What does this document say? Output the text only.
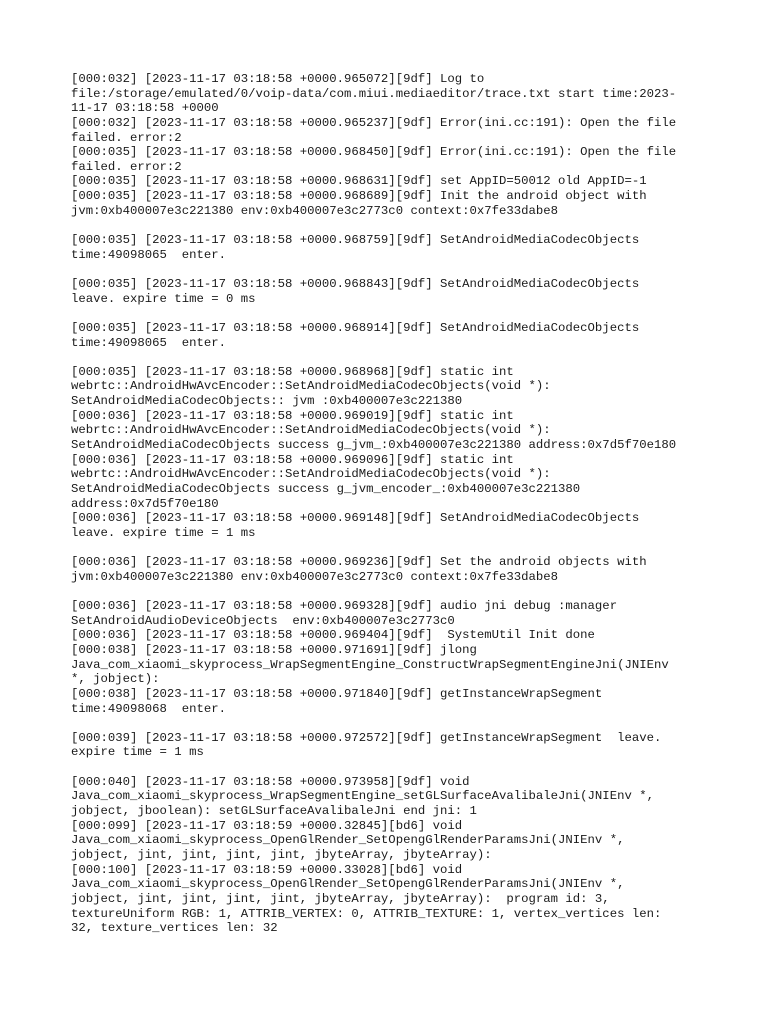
[000:032] [2023-11-17 03:18:58 +0000.965072][9df] Log to
file:/storage/emulated/0/voip-data/com.miui.mediaeditor/trace.txt start time:2023-
11-17 03:18:58 +0000
[000:032] [2023-11-17 03:18:58 +0000.965237][9df] Error(ini.cc:191): Open the file
failed. error:2
[000:035] [2023-11-17 03:18:58 +0000.968450][9df] Error(ini.cc:191): Open the file
failed. error:2
[000:035] [2023-11-17 03:18:58 +0000.968631][9df] set AppID=50012 old AppID=-1
[000:035] [2023-11-17 03:18:58 +0000.968689][9df] Init the android object with
jvm:0xb400007e3c221380 env:0xb400007e3c2773c0 context:0x7fe33dabe8
[000:035] [2023-11-17 03:18:58 +0000.968759][9df] SetAndroidMediaCodecObjects
time:49098065  enter.
[000:035] [2023-11-17 03:18:58 +0000.968843][9df] SetAndroidMediaCodecObjects
leave. expire time = 0 ms
[000:035] [2023-11-17 03:18:58 +0000.968914][9df] SetAndroidMediaCodecObjects
time:49098065  enter.
[000:035] [2023-11-17 03:18:58 +0000.968968][9df] static int
webrtc::AndroidHwAvcEncoder::SetAndroidMediaCodecObjects(void *):
SetAndroidMediaCodecObjects:: jvm :0xb400007e3c221380
[000:036] [2023-11-17 03:18:58 +0000.969019][9df] static int
webrtc::AndroidHwAvcEncoder::SetAndroidMediaCodecObjects(void *):
SetAndroidMediaCodecObjects success g_jvm_:0xb400007e3c221380 address:0x7d5f70e180
[000:036] [2023-11-17 03:18:58 +0000.969096][9df] static int
webrtc::AndroidHwAvcEncoder::SetAndroidMediaCodecObjects(void *):
SetAndroidMediaCodecObjects success g_jvm_encoder_:0xb400007e3c221380
address:0x7d5f70e180
[000:036] [2023-11-17 03:18:58 +0000.969148][9df] SetAndroidMediaCodecObjects
leave. expire time = 1 ms
[000:036] [2023-11-17 03:18:58 +0000.969236][9df] Set the android objects with
jvm:0xb400007e3c221380 env:0xb400007e3c2773c0 context:0x7fe33dabe8
[000:036] [2023-11-17 03:18:58 +0000.969328][9df] audio jni debug :manager
SetAndroidAudioDeviceObjects  env:0xb400007e3c2773c0
[000:036] [2023-11-17 03:18:58 +0000.969404][9df]  SystemUtil Init done
[000:038] [2023-11-17 03:18:58 +0000.971691][9df] jlong
Java_com_xiaomi_skyprocess_WrapSegmentEngine_ConstructWrapSegmentEngineJni(JNIEnv
*, jobject):
[000:038] [2023-11-17 03:18:58 +0000.971840][9df] getInstanceWrapSegment
time:49098068  enter.
[000:039] [2023-11-17 03:18:58 +0000.972572][9df] getInstanceWrapSegment  leave.
expire time = 1 ms
[000:040] [2023-11-17 03:18:58 +0000.973958][9df] void
Java_com_xiaomi_skyprocess_WrapSegmentEngine_setGLSurfaceAvalibaleJni(JNIEnv *,
jobject, jboolean): setGLSurfaceAvalibaleJni end jni: 1
[000:099] [2023-11-17 03:18:59 +0000.32845][bd6] void
Java_com_xiaomi_skyprocess_OpenGlRender_SetOpengGlRenderParamsJni(JNIEnv *,
jobject, jint, jint, jint, jint, jbyteArray, jbyteArray):
[000:100] [2023-11-17 03:18:59 +0000.33028][bd6] void
Java_com_xiaomi_skyprocess_OpenGlRender_SetOpengGlRenderParamsJni(JNIEnv *,
jobject, jint, jint, jint, jint, jbyteArray, jbyteArray):  program id: 3,
textureUniform RGB: 1, ATTRIB_VERTEX: 0, ATTRIB_TEXTURE: 1, vertex_vertices len:
32, texture_vertices len: 32
